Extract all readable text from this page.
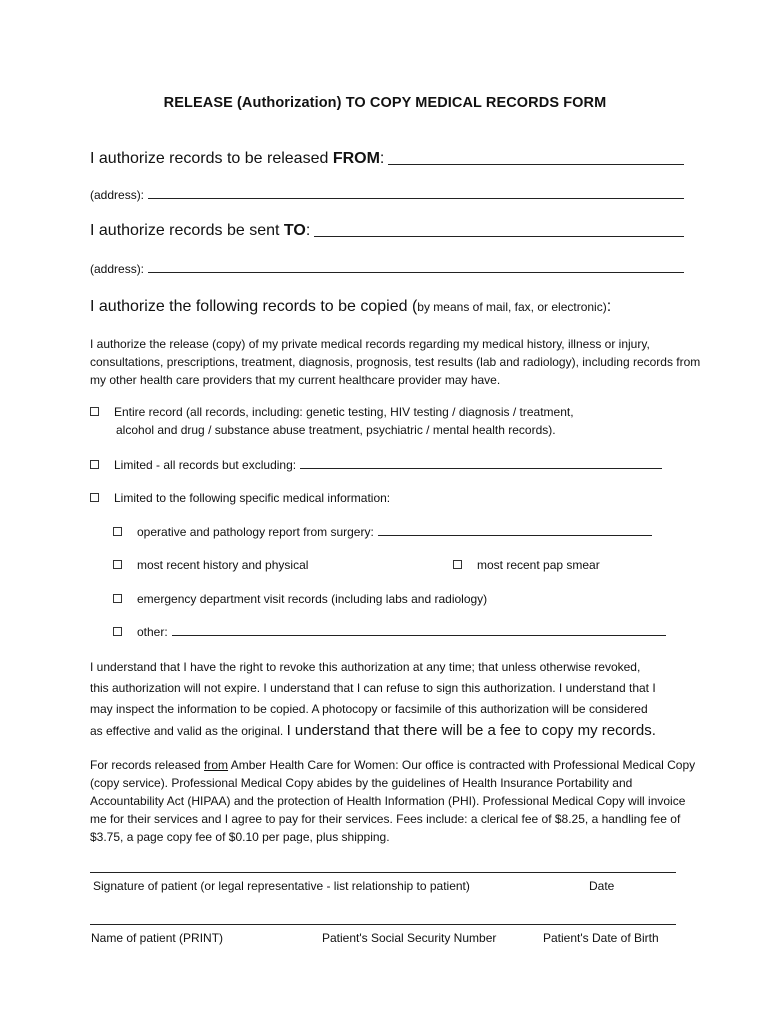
RELEASE (Authorization) TO COPY MEDICAL RECORDS FORM
I authorize records to be released FROM:
(address):
I authorize records be sent TO:
(address):
I authorize the following records to be copied ( by means of mail, fax, or electronic) :
I authorize the release (copy) of my private medical records regarding my medical history, illness or injury, consultations, prescriptions, treatment, diagnosis, prognosis, test results (lab and radiology), including records from my other health care providers that my current healthcare provider may have.
Entire record (all records, including: genetic testing, HIV testing / diagnosis / treatment,
alcohol and drug / substance abuse treatment, psychiatric / mental health records).
Limited - all records but excluding:
Limited to the following specific medical information:
operative and pathology report from surgery:
most recent history and physical	most recent pap smear
emergency department visit records (including labs and radiology)
other:
I understand that I have the right to revoke this authorization at any time; that unless otherwise revoked,
this authorization will not expire. I understand that I can refuse to sign this authorization. I understand that I
may inspect the information to be copied. A photocopy or facsimile of this authorization will be considered
as effective and valid as the original. I understand that there will be a fee to copy my records.
For records released from Amber Health Care for Women: Our office is contracted with Professional Medical Copy (copy service). Professional Medical Copy abides by the guidelines of Health Insurance Portability and Accountability Act (HIPAA) and the protection of Health Information (PHI). Professional Medical Copy will invoice me for their services and I agree to pay for their services. Fees include: a clerical fee of $8.25, a handling fee of $3.75, a page copy fee of $0.10 per page, plus shipping.
Signature of patient (or legal representative - list relationship to patient)	Date
Name of patient (PRINT)	Patient's Social Security Number	Patient's Date of Birth
